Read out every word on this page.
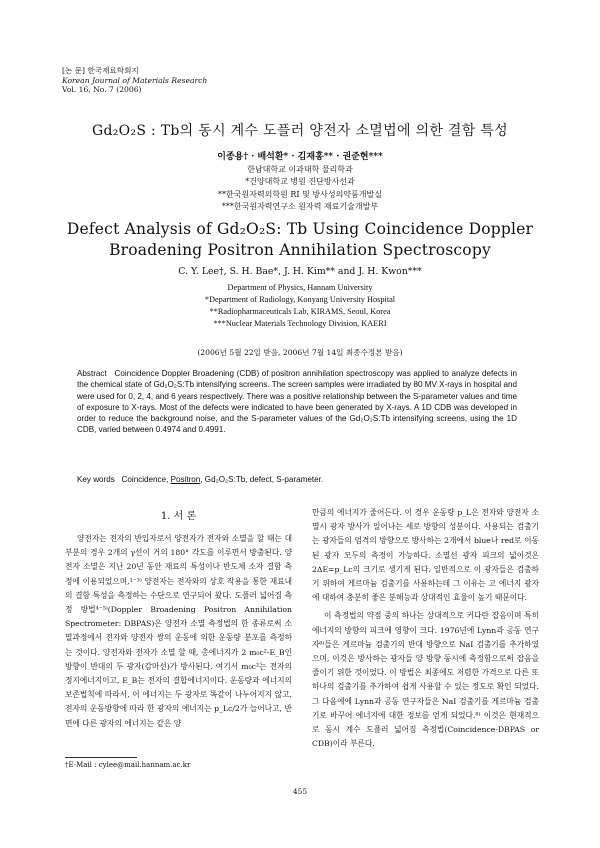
[논 문] 한국재료학회지
Korean Journal of Materials Research
Vol. 16, No. 7 (2006)
Gd₂O₂S : Tb의 동시 계수 도플러 양전자 소멸법에 의한 결함 특성
이종용† · 배석환* · 김재홍** · 권준현***
한남대학교 이과대학 물리학과
*건양대학교 병원 진단방사선과
**한국원자력의학원 RI 및 방사성의약품개발실
***한국원자력연구소 원자력 재료기술개발부
Defect Analysis of Gd₂O₂S: Tb Using Coincidence Doppler
Broadening Positron Annihilation Spectroscopy
C. Y. Lee†, S. H. Bae*, J. H. Kim** and J. H. Kwon***
Department of Physics, Hannam University
*Department of Radiology, Konyang University Hospital
**Radiopharmaceuticals Lab, KIRAMS, Seoul, Korea
***Nuclear Materials Technology Division, KAERI
(2006년 5월 22일 받음, 2006년 7월 14일 최종수정본 받음)
Abstract Coincidence Doppler Broadening (CDB) of positron annihilation spectroscopy was applied to analyze defects in the chemical state of Gd₂O₂S:Tb intensifying screens. The screen samples were irradiated by 80 MV X-rays in hospital and were used for 0, 2, 4, and 6 years respectively. There was a positive relationship between the S-parameter values and time of exposure to X-rays. Most of the defects were indicated to have been generated by X-rays. A 1D CDB was developed in order to reduce the background noise, and the S-parameter values of the Gd₂O₂S:Tb intensifying screens, using the 1D CDB, varied between 0.4974 and 0.4991.
Key words Coincidence, Positron, Gd₂O₂S:Tb, defect, S-parameter.
1. 서 론

양전자는 전자의 반입자로서 양전자가 전자와 소멸을 할 때는 대부분의 경우 2개의 γ선이 거의 180° 각도를 이루면서 방출된다. 양전자 소멸은 지난 20년 동안 재료의 특성이나 반도체 소자 결함 측정에 이용되었으며,¹⁻³⁾ 양전자는 전자와의 상호 작용을 통한 재료내의 결함 특성을 측정하는 수단으로 연구되어 왔다. 도플러 넓어짐 측정 방법⁴⁻⁵⁾(Doppler Broadening Positron Annihilation Spectrometer: DBPAS)은 양전자 소멸 측정법의 한 종류로써 소멸과정에서 전자와 양전자 쌍의 운동에 의한 운동량 분포를 측정하는 것이다. 양전자와 전자가 소멸 할 때, 총에너지가 2 m₀c²-E_B인 방향이 반대의 두 광자(감마선)가 방사된다. 여기서 m₀c²는 전자의 정지에너지이고, E_B는 전자의 결합에너지이다. 운동량과 에너지의 보존법칙에 따라서, 이 에너지는 두 광자로 똑같이 나누어지지 않고, 전자의 운동방향에 따라 한 광자의 에너지는 p_Lc/2가 늘어나고, 반면에 다른 광자의 에너지는 같은 양

만큼의 에너지가 줄어든다. 이 경우 운동량 p_L은 전자와 양전자 소멸시 광자 방사가 일어나는 세로 방향의 성분이다. 사용되는 검출기는 광자들의 엄격의 방향으로 방사하는 2개에서 blue나 red로 이동된 광자 모두의 측정이 가능하다. 소멸선 광자 피크의 넓이것은 2ΔE=p_Lc의 크기로 생기게 된다. 일반적으로 이 광자들은 검출하기 위하여 게르마늄 검출기를 사용하는데 그 이유는 고 에너지 광자에 대하여 충분히 좋은 분해능과 상대적인 효율이 높기 때문이다.

이 측정법의 약점 중의 하나는 상대적으로 커다란 잡음이며 특히 에너지의 방향의 피크에 영향이 크다. 1976년에 Lynn과 공동 연구자⁶⁾들은 게르마늄 검출기의 반대 방향으로 NaI 검출기를 추가하였으며, 이것은 방사하는 광자들 양 방향 동시에 측정함으로써 잡음을 줄이기 위한 것이었다. 이 방법은 최종에도 저렴한 가격으로 다른 또 하나의 검출기를 추가하여 쉽게 사용할 수 있는 정도로 확인 되었다. 그 다음에에 Lynn과 공동 연구자들은 NaI 검출기를 게르마늄 검출기로 바꾸어 에너지에 대한 정보를 얻게 되었다.⁸⁾ 이것은 현재적으로 동시 계수 도플러 넓어짐 측정법(Coincidence-DBPAS or CDB)이라 부른다.

†E-Mail : cylee@mail.hannam.ac.kr
455
